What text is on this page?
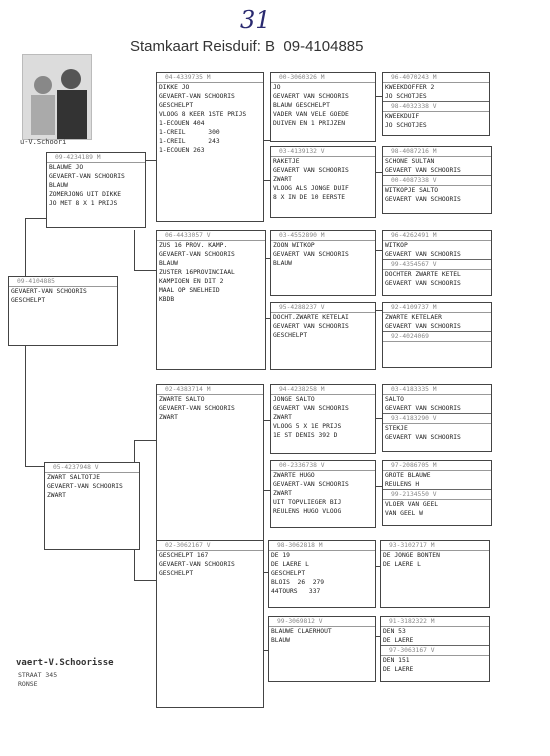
31
Stamkaart Reisduif: B 09-4104885
u-V.Schoori
09-4104885
GEVAERT-VAN SCHOORIS
GESCHELPT
09-4234189 M
BLAUWE JO
GEVAERT-VAN SCHOORIS
BLAUW
ZOMERJONG UIT DIKKE
JO MET 8 X 1 PRIJS
05-4237948 V
ZWART SALTOTJE
GEVAERT-VAN SCHOORIS
ZWART
04-4339735 M
DIKKE JO
GEVAERT-VAN SCHOORIS
GESCHELPT
VLOOG 8 KEER 1STE PRIJS
1-ECOUEN 404
1-CREIL      300
1-CREIL      243
1-ECOUEN 263
06-4433057 V
ZUS 16 PROV. KAMP.
GEVAERT-VAN SCHOORIS
BLAUW
ZUSTER 16PROVINCIAAL
KAMPIOEN EN DIT 2
MAAL OP SNELHEID
KBDB
02-4383714 M
ZWARTE SALTO
GEVAERT-VAN SCHOORIS
ZWART
02-3062167 V
GESCHELPT 167
GEVAERT-VAN SCHOORIS
GESCHELPT
00-3060326 M
JO
GEVAERT VAN SCHOORIS
BLAUW GESCHELPT
VADER VAN VELE GOEDE
DUIVEN EN 1 PRIJZEN
03-4139132 V
RAKETJE
GEVAERT VAN SCHOORIS
ZWART
VLOOG ALS JONGE DUIF
8 X IN DE 10 EERSTE
03-4552890 M
ZOON WITKOP
GEVAERT VAN SCHOORIS
BLAUW
95-4288237 V
DOCHT.ZWARTE KETELAI
GEVAERT VAN SCHOORIS
GESCHELPT
94-4238258 M
JONGE SALTO
GEVAERT VAN SCHOORIS
ZWART
VLOOG 5 X 1E PRIJS
1E ST DENIS 392 D
00-2336738 V
ZWARTE HUGO
GEVAERT-VAN SCHOORIS
ZWART
UIT TOPVLIEGER BIJ
REULENS HUGO VLOOG
98-3062818 M
DE 19
DE LAERE L
GESCHELPT
BLOIS  26  279
44TOURS   337
99-3069812 V
BLAUWE CLAERHOUT
BLAUW
96-4070243 M
KWEEKDOFFER 2
JO SCHOTJES
98-4032338 V
KWEEKDUIF
JO SCHOTJES
98-4087216 M
SCHONE SULTAN
GEVAERT VAN SCHOORIS
00-4087338 V
WITKOPJE SALTO
GEVAERT VAN SCHOORIS
96-4262491 M
WITKOP
GEVAERT VAN SCHOORIS
99-4354567 V
DOCHTER ZWARTE KETEL
GEVAERT VAN SCHOORIS
92-4109737 M
ZWARTE KETELAER
GEVAERT VAN SCHOORIS
92-4024069
03-4183335 M
SALTO
GEVAERT VAN SCHOORIS
93-4183290 V
STEKJE
GEVAERT VAN SCHOORIS
97-2086705 M
GROTE BLAUWE
REULENS H
99-2134550 V
VLOER VAN GEEL
VAN GEEL W
93-3102717 M
DE JONGE BONTEN
DE LAERE L
91-3182322 M
DEN 53
DE LAERE
97-3063167 V
DEN 151
DE LAERE
vaert-V.Schoorisse
STRAAT 345
RONSE
